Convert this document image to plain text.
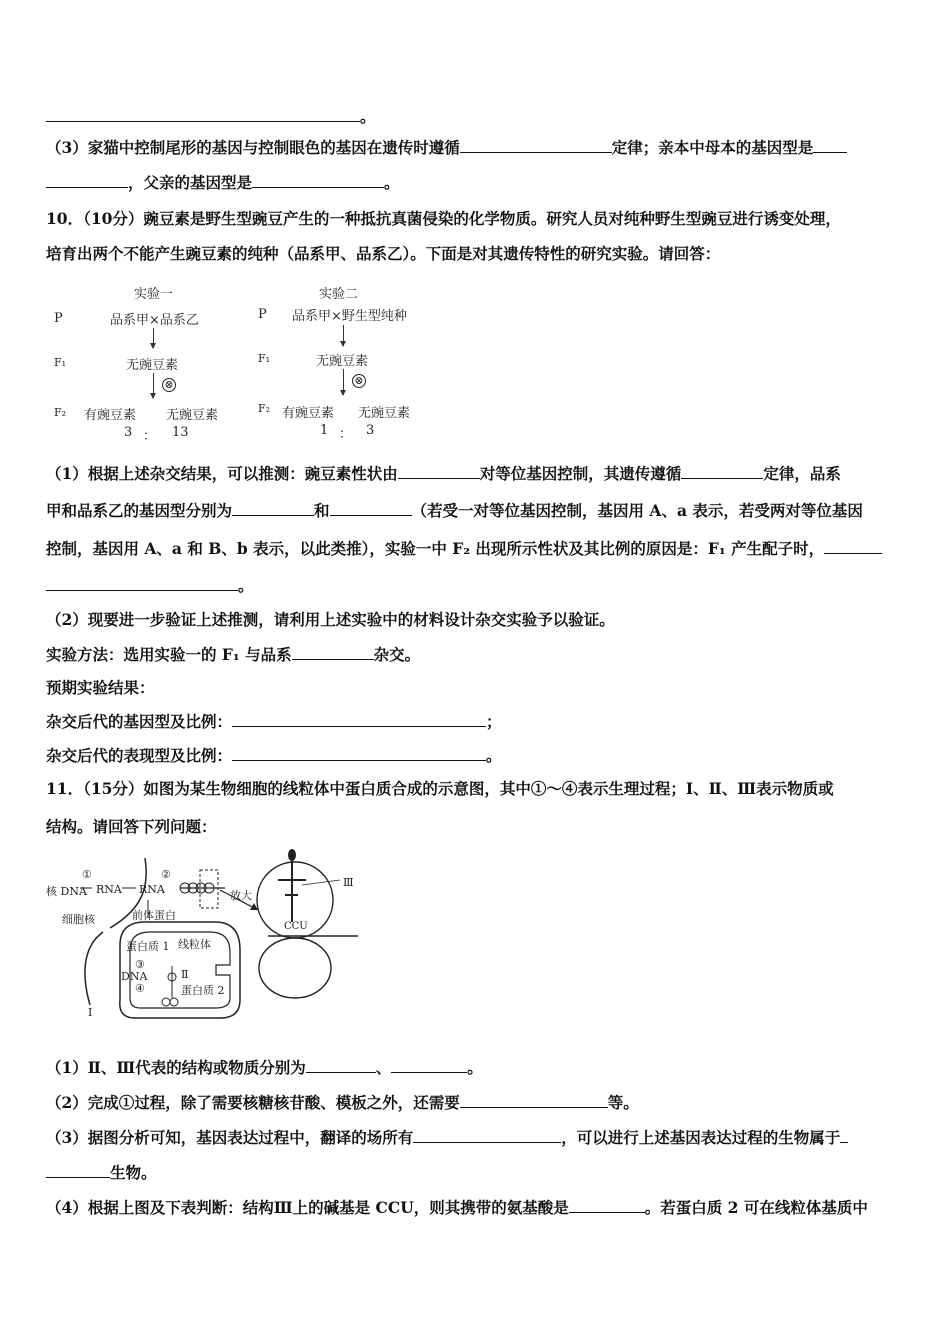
。
（3）家猫中控制尾形的基因与控制眼色的基因在遗传时遵循	定律；亲本中母本的基因型是
，父亲的基因型是	。
10．（10分）豌豆素是野生型豌豆产生的一种抵抗真菌侵染的化学物质。研究人员对纯种野生型豌豆进行诱变处理，
培育出两个不能产生豌豆素的纯种（品系甲、品系乙）。下面是对其遗传特性的研究实验。请回答：
实验一	实验二
P	P
品系甲×品系乙	品系甲×野生型纯种
F₁	F₁
无豌豆素	无豌豆素
⊗	⊗
F₂	F₂
有豌豆素 无豌豆素	有豌豆素 无豌豆素
3 ： 13	1 ： 3
（1）根据上述杂交结果，可以推测：豌豆素性状由	对等位基因控制，其遗传遵循	定律，品系
甲和品系乙的基因型分别为	和	（若受一对等位基因控制，基因用 A、a 表示，若受两对等位基因
控制，基因用 A、a 和 B、b 表示，以此类推），实验一中 F₂ 出现所示性状及其比例的原因是：F₁ 产生配子时，
。
（2）现要进一步验证上述推测，请利用上述实验中的材料设计杂交实验予以验证。
实验方法：选用实验一的 F₁ 与品系	杂交。
预期实验结果：
杂交后代的基因型及比例：	；
杂交后代的表现型及比例：	。
11．（15分）如图为某生物细胞的线粒体中蛋白质合成的示意图，其中①～④表示生理过程；Ⅰ、Ⅱ、Ⅲ表示物质或
结构。请回答下列问题：
核 DNA RNA RNA
①	②
细胞核	前体蛋白
蛋白质 1 线粒体
③
DNA	Ⅱ
④	蛋白质 2
Ⅰ
放大
Ⅲ
CCU
（1）Ⅱ、Ⅲ代表的结构或物质分别为	、	。
（2）完成①过程，除了需要核糖核苷酸、模板之外，还需要	等。
（3）据图分析可知，基因表达过程中，翻译的场所有	，可以进行上述基因表达过程的生物属于
生物。
（4）根据上图及下表判断：结构Ⅲ上的碱基是 CCU，则其携带的氨基酸是	。若蛋白质 2 可在线粒体基质中
